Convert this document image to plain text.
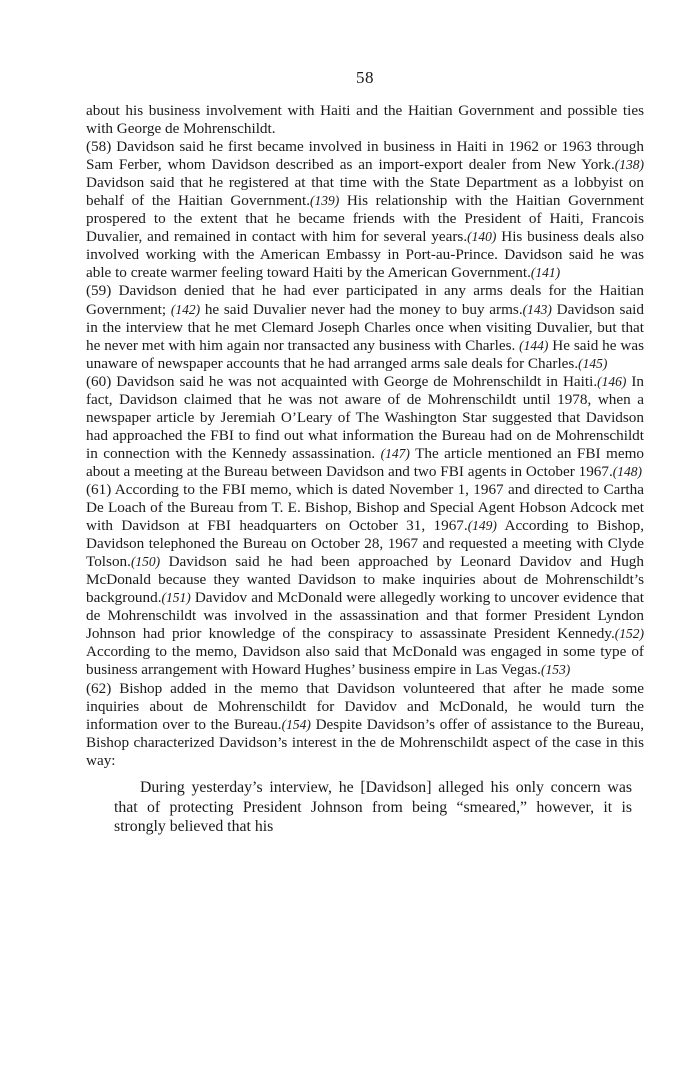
58

about his business involvement with Haiti and the Haitian Government and possible ties with George de Mohrenschildt.

(58) Davidson said he first became involved in business in Haiti in 1962 or 1963 through Sam Ferber, whom Davidson described as an import-export dealer from New York.(138) Davidson said that he registered at that time with the State Department as a lobbyist on behalf of the Haitian Government.(139) His relationship with the Haitian Government prospered to the extent that he became friends with the President of Haiti, Francois Duvalier, and remained in contact with him for several years.(140) His business deals also involved working with the American Embassy in Port-au-Prince. Davidson said he was able to create warmer feeling toward Haiti by the American Government.(141)

(59) Davidson denied that he had ever participated in any arms deals for the Haitian Government; (142) he said Duvalier never had the money to buy arms.(143) Davidson said in the interview that he met Clemard Joseph Charles once when visiting Duvalier, but that he never met with him again nor transacted any business with Charles. (144) He said he was unaware of newspaper accounts that he had arranged arms sale deals for Charles.(145)

(60) Davidson said he was not acquainted with George de Mohrenschildt in Haiti.(146) In fact, Davidson claimed that he was not aware of de Mohrenschildt until 1978, when a newspaper article by Jeremiah O’Leary of The Washington Star suggested that Davidson had approached the FBI to find out what information the Bureau had on de Mohrenschildt in connection with the Kennedy assassination. (147) The article mentioned an FBI memo about a meeting at the Bureau between Davidson and two FBI agents in October 1967.(148)

(61) According to the FBI memo, which is dated November 1, 1967 and directed to Cartha De Loach of the Bureau from T. E. Bishop, Bishop and Special Agent Hobson Adcock met with Davidson at FBI headquarters on October 31, 1967.(149) According to Bishop, Davidson telephoned the Bureau on October 28, 1967 and requested a meeting with Clyde Tolson.(150) Davidson said he had been approached by Leonard Davidov and Hugh McDonald because they wanted Davidson to make inquiries about de Mohrenschildt’s background.(151) Davidov and McDonald were allegedly working to uncover evidence that de Mohrenschildt was involved in the assassination and that former President Lyndon Johnson had prior knowledge of the conspiracy to assassinate President Kennedy.(152) According to the memo, Davidson also said that McDonald was engaged in some type of business arrangement with Howard Hughes’ business empire in Las Vegas.(153)

(62) Bishop added in the memo that Davidson volunteered that after he made some inquiries about de Mohrenschildt for Davidov and McDonald, he would turn the information over to the Bureau.(154) Despite Davidson’s offer of assistance to the Bureau, Bishop characterized Davidson’s interest in the de Mohrenschildt aspect of the case in this way:

During yesterday’s interview, he [Davidson] alleged his only concern was that of protecting President Johnson from being “smeared,” however, it is strongly believed that his
